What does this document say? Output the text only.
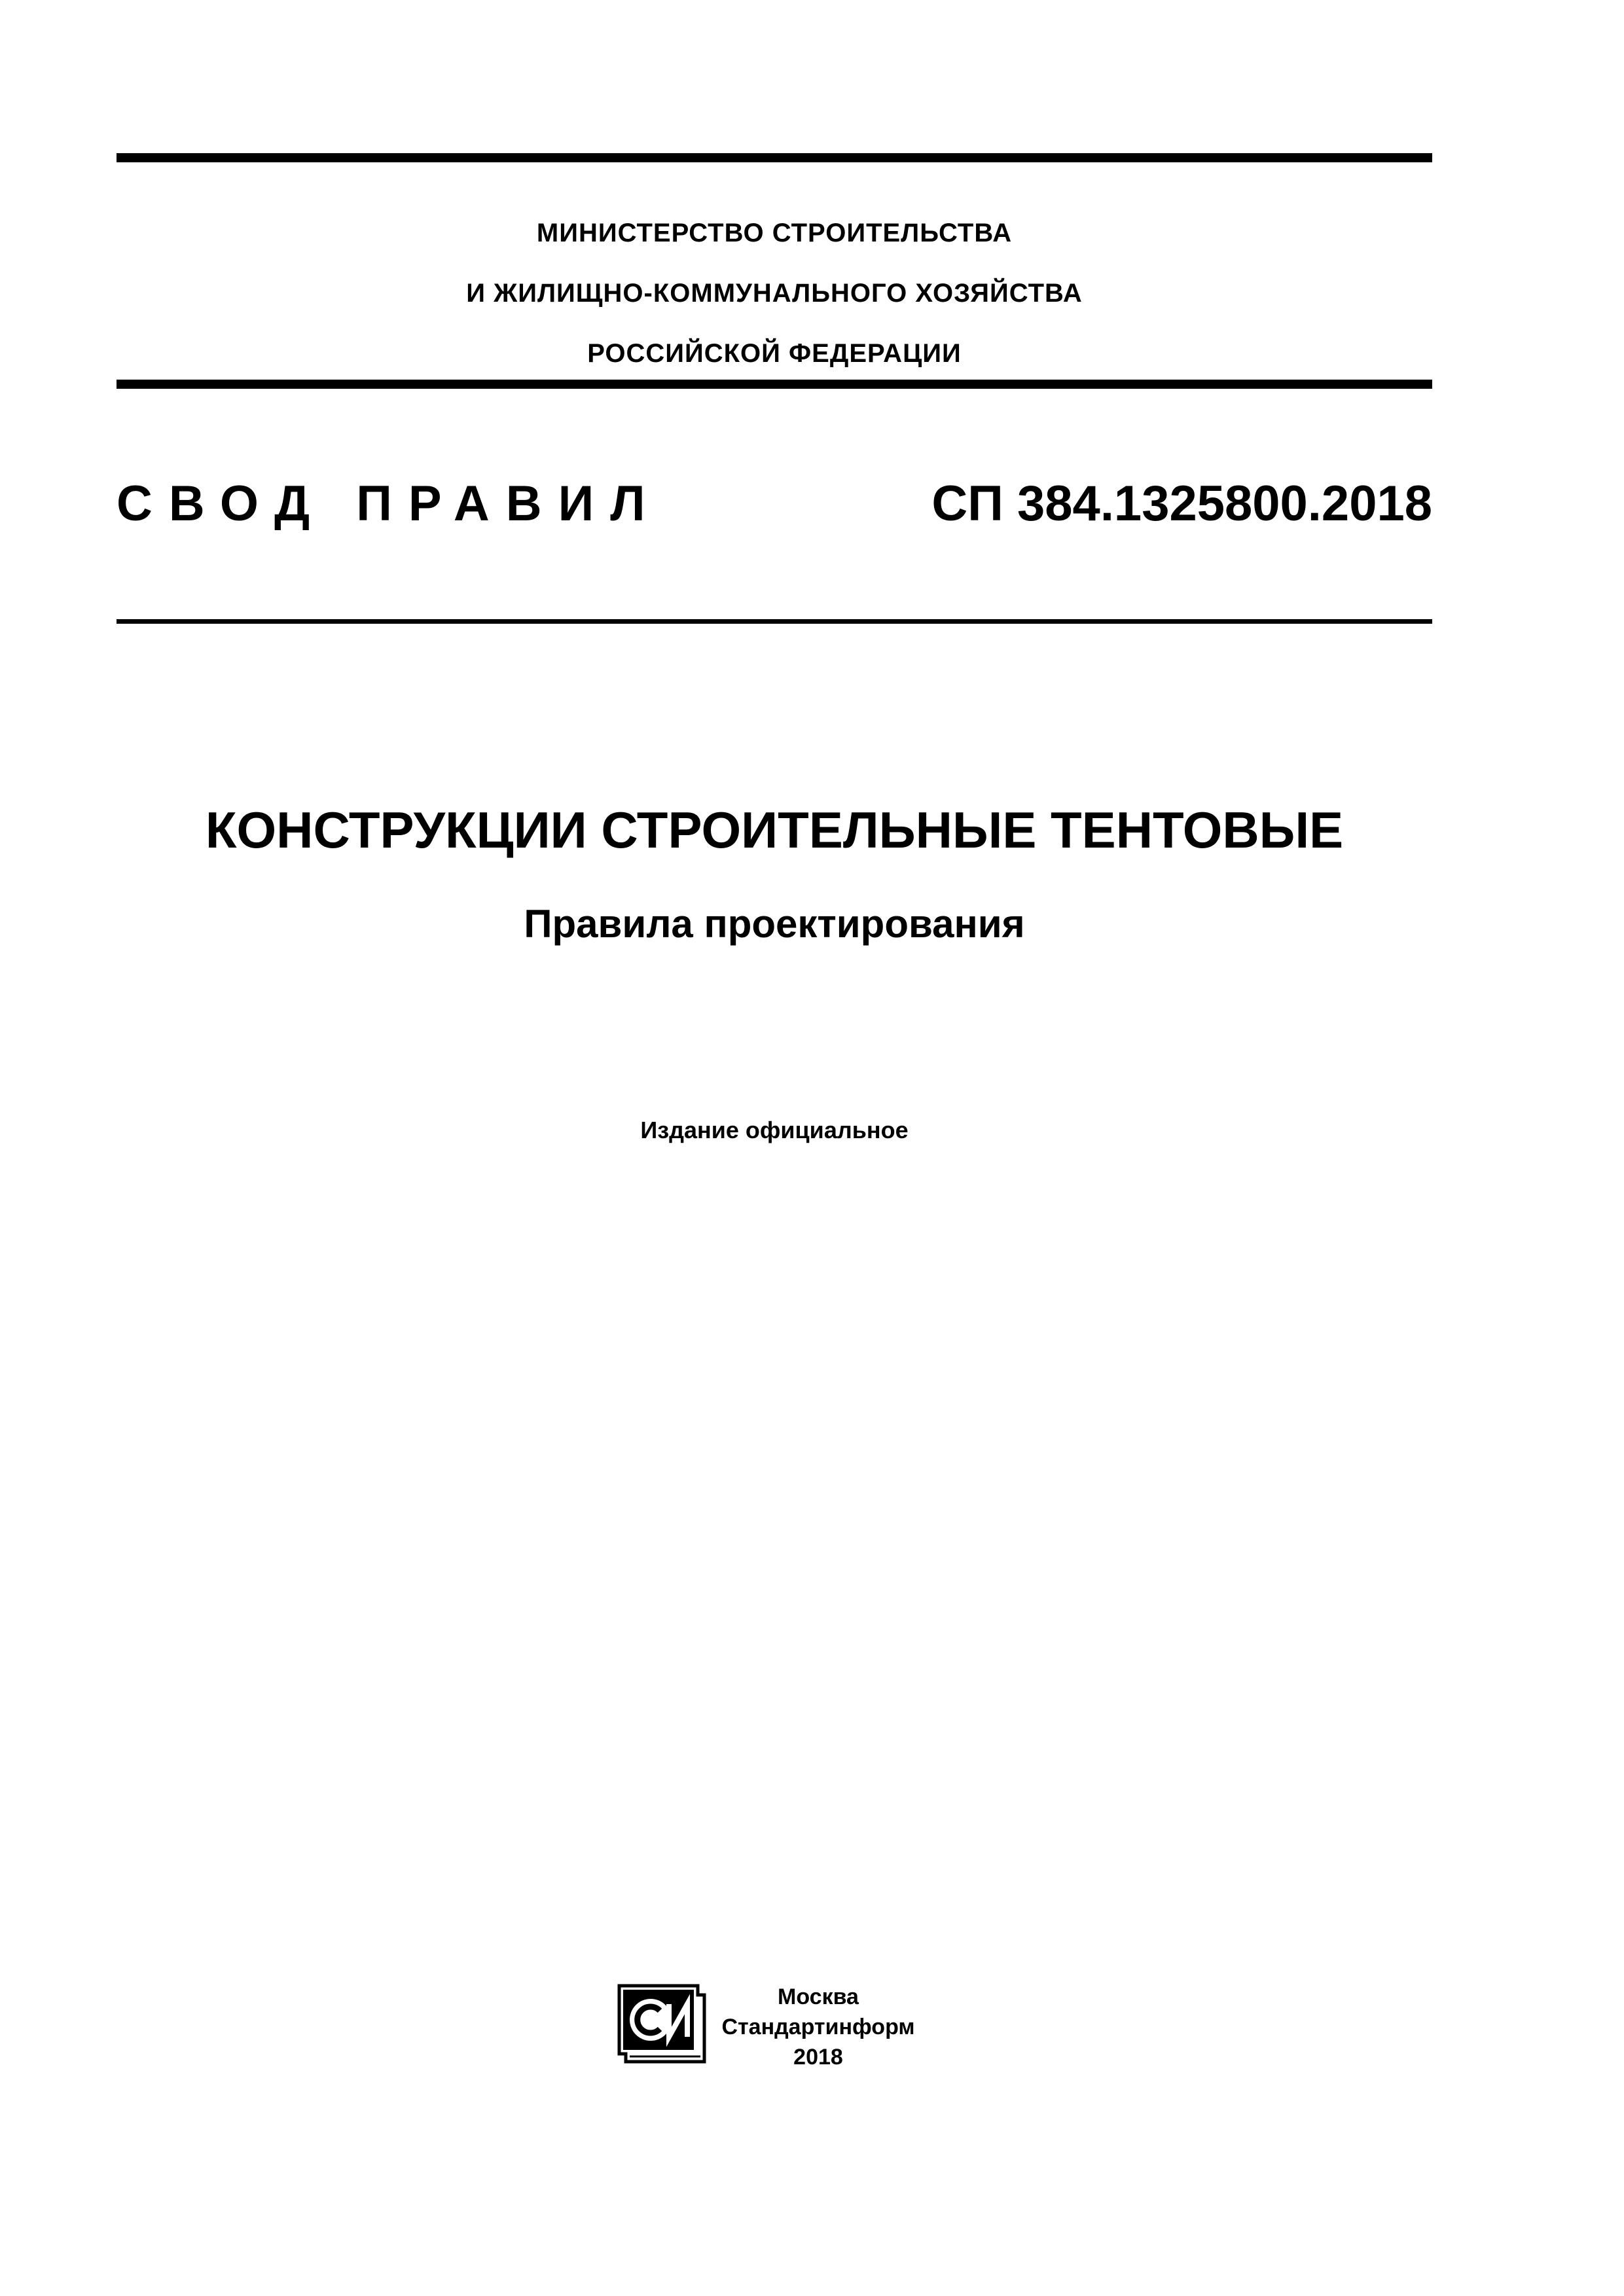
МИНИСТЕРСТВО СТРОИТЕЛЬСТВА
И ЖИЛИЩНО-КОММУНАЛЬНОГО ХОЗЯЙСТВА
РОССИЙСКОЙ ФЕДЕРАЦИИ
СВОД ПРАВИЛ	СП 384.1325800.2018
КОНСТРУКЦИИ СТРОИТЕЛЬНЫЕ ТЕНТОВЫЕ
Правила проектирования
Издание официальное
Москва
Стандартинформ
2018
